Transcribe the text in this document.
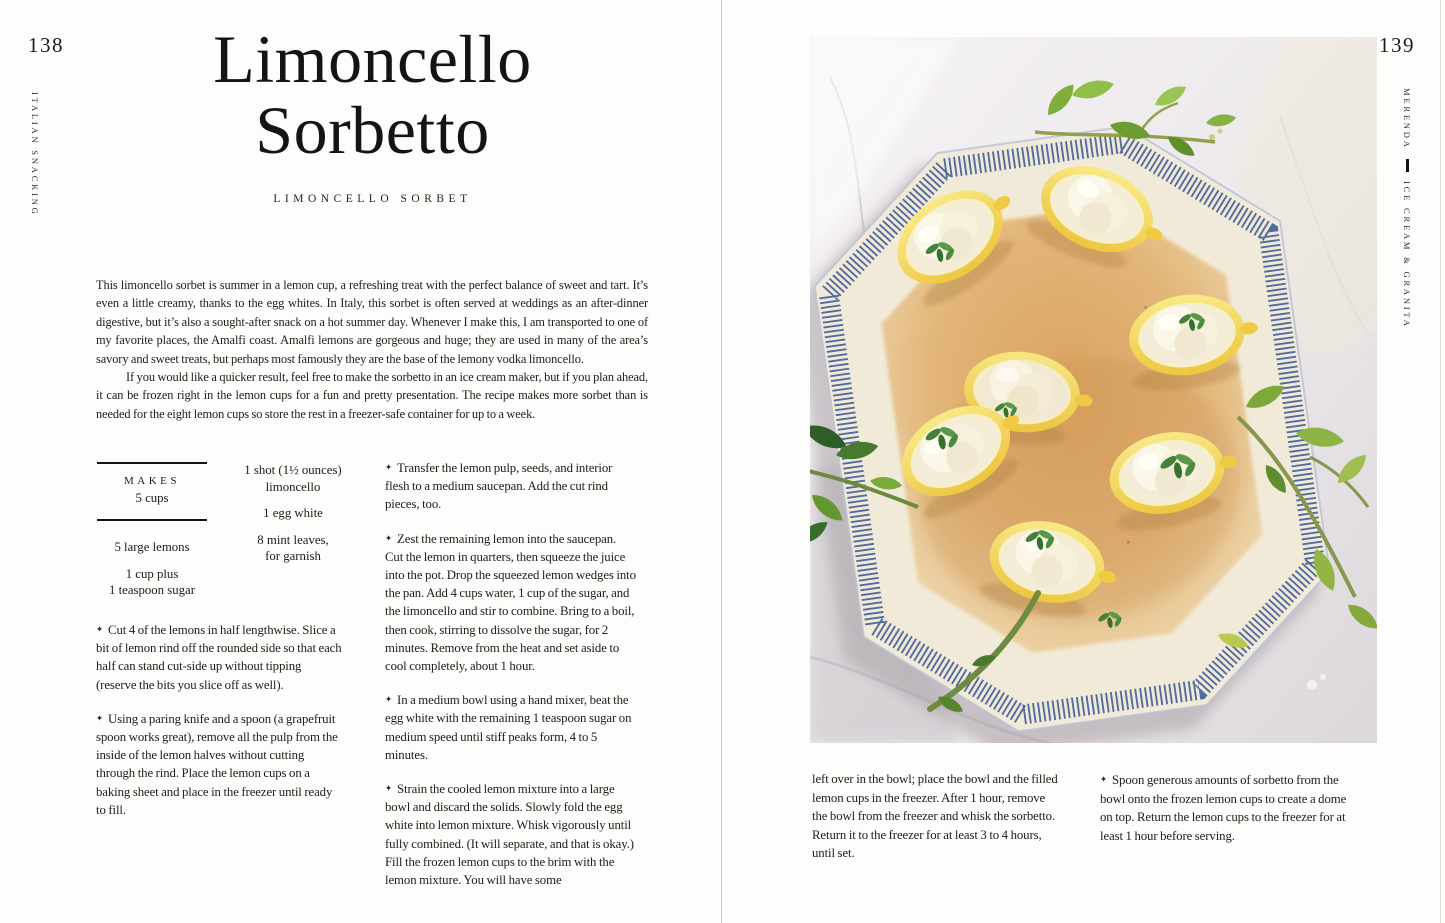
138
ITALIAN SNACKING
Limoncello
Sorbetto
LIMONCELLO SORBET

This limoncello sorbet is summer in a lemon cup, a refreshing treat with the perfect balance of sweet and tart. It’s even a little creamy, thanks to the egg whites. In Italy, this sorbet is often served at weddings as an after-dinner digestive, but it’s also a sought-after snack on a hot summer day. Whenever I make this, I am transported to one of my favorite places, the Amalfi coast. Amalfi lemons are gorgeous and huge; they are used in many of the area’s savory and sweet treats, but perhaps most famously they are the base of the lemony vodka limoncello.

If you would like a quicker result, feel free to make the sorbetto in an ice cream maker, but if you plan ahead, it can be frozen right in the lemon cups for a fun and pretty presentation. The recipe makes more sorbet than is needed for the eight lemon cups so store the rest in a freezer-safe container for up to a week.

MAKES
5 cups
5 large lemons
1 cup plus
1 teaspoon sugar
1 shot (1½ ounces)
limoncello
1 egg white
8 mint leaves,
for garnish

✦ Cut 4 of the lemons in half lengthwise. Slice a bit of lemon rind off the rounded side so that each half can stand cut-side up without tipping (reserve the bits you slice off as well).

✦ Using a paring knife and a spoon (a grapefruit spoon works great), remove all the pulp from the inside of the lemon halves without cutting through the rind. Place the lemon cups on a baking sheet and place in the freezer until ready to fill.

✦ Transfer the lemon pulp, seeds, and interior flesh to a medium saucepan. Add the cut rind pieces, too.

✦ Zest the remaining lemon into the saucepan. Cut the lemon in quarters, then squeeze the juice into the pot. Drop the squeezed lemon wedges into the pan. Add 4 cups water, 1 cup of the sugar, and the limoncello and stir to combine. Bring to a boil, then cook, stirring to dissolve the sugar, for 2 minutes. Remove from the heat and set aside to cool completely, about 1 hour.

✦ In a medium bowl using a hand mixer, beat the egg white with the remaining 1 teaspoon sugar on medium speed until stiff peaks form, 4 to 5 minutes.

✦ Strain the cooled lemon mixture into a large bowl and discard the solids. Slowly fold the egg white into lemon mixture. Whisk vigorously until fully combined. (It will separate, and that is okay.) Fill the frozen lemon cups to the brim with the lemon mixture. You will have some

139
MERENDA
ICE CREAM & GRANITA
left over in the bowl; place the bowl and the filled lemon cups in the freezer. After 1 hour, remove the bowl from the freezer and whisk the sorbetto. Return it to the freezer for at least 3 to 4 hours, until set.
✦ Spoon generous amounts of sorbetto from the bowl onto the frozen lemon cups to create a dome on top. Return the lemon cups to the freezer for at least 1 hour before serving.
